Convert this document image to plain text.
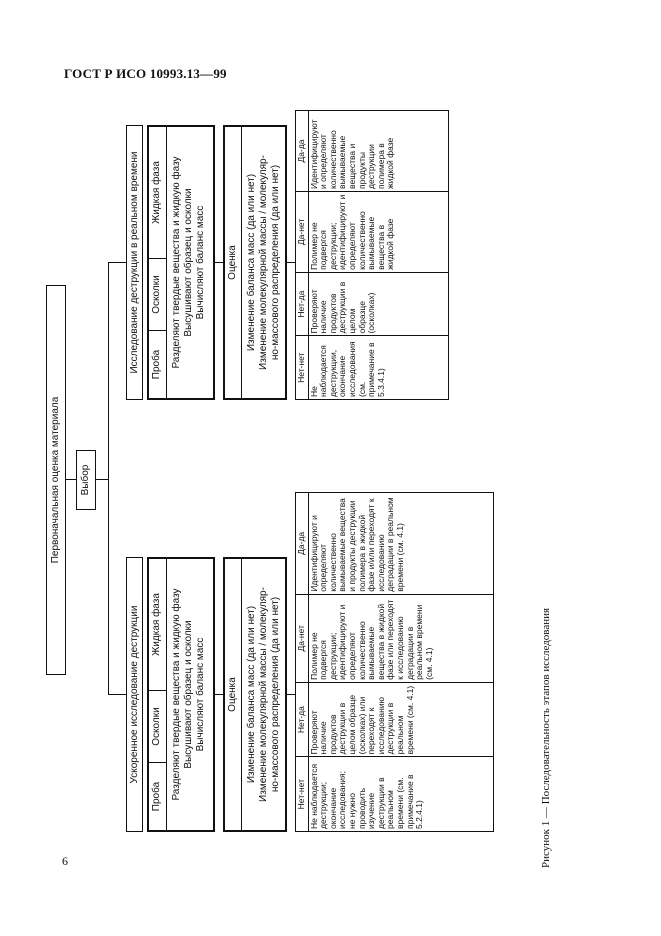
ГОСТ Р ИСО 10993.13—99
6	Рисунок 1 — Последовательность этапов исследования
Первоначальная оценка материала Выбор
Ускоренное исследование деструкции
Проба
Осколки
Жидкая фаза Разделяют твердые вещества и жидкую фазу Высушивают образец и осколки Вычисляют баланс масс Оценка Изменение баланса масс (да или нет) Изменение молекулярной массы / молекуляр- но-массового распределения (да или нет)
Нет-нет	Нет-да	Да-нет	Да-да
Не наблюдается деструкции; окончание исследования; не нужно проводить изучение деструкции в реальном времени (см. примечание в 5.2.4.1)	Проверяют наличие продуктов деструкции в целом образце (осколках) или переходят к исследованию деструкции в реальном времени (см. 4.1)	Полимер не подвергся деструкции; идентифицируют и определяют количественно вымываемые вещества в жидкой фазе или переходят к исследованию деградации в реальном времени (см. 4.1)	Идентифицируют и определяют количественно вымываемые вещества и продукты деструкции полимера в жидкой фазе и/или переходят к исследованию деградации в реальном времени (см. 4.1)
Исследование деструкции в реальном времени Проба
Осколки
Жидкая фаза Разделяют твердые вещества и жидкую фазу Высушивают образец и осколки Вычисляют баланс масс Оценка Изменение баланса масс (да или нет) Изменение молекулярной массы / молекуляр- но-массового распределения (да или нет)
Нет-нет	Нет-да	Да-нет	Да-да
Не наблюдается деструкции, окончание исследования (см. примечание в 5.3.4.1)	Проверяют наличие продуктов деструкции в целом образце (осколках)	Полимер не подвергся деструкции; идентифицируют и определяют количественно вымываемые вещества в жидкой фазе	Идентифицируют и определяют количественно вымываемые вещества и продукты деструкции полимера в жидкой фазе
